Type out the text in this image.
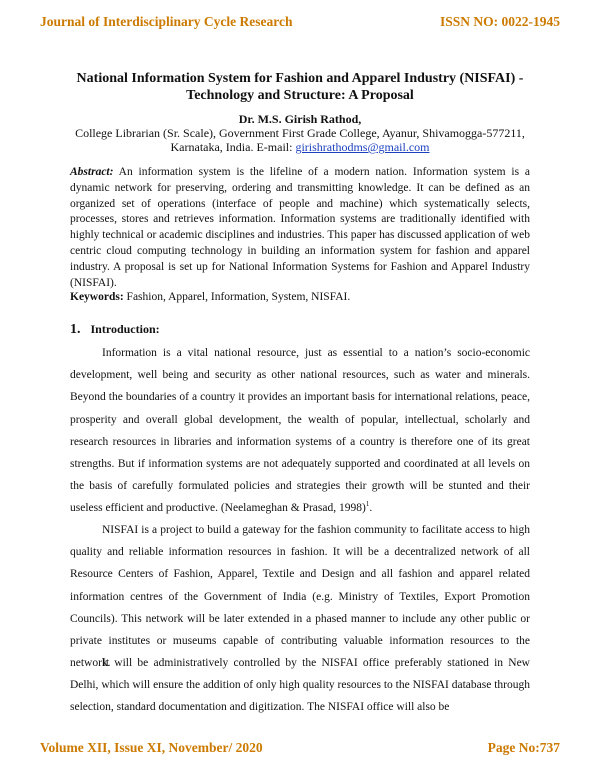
Journal of Interdisciplinary Cycle Research	ISSN NO: 0022-1945
National Information System for Fashion and Apparel Industry (NISFAI) -
Technology and Structure: A Proposal
Dr. M.S. Girish Rathod,
College Librarian (Sr. Scale), Government First Grade College, Ayanur, Shivamogga-577211,
Karnataka, India. E-mail: girishrathodms@gmail.com
Abstract: An information system is the lifeline of a modern nation. Information system is a dynamic network for preserving, ordering and transmitting knowledge. It can be defined as an organized set of operations (interface of people and machine) which systematically selects, processes, stores and retrieves information. Information systems are traditionally identified with highly technical or academic disciplines and industries. This paper has discussed application of web centric cloud computing technology in building an information system for fashion and apparel industry. A proposal is set up for National Information Systems for Fashion and Apparel Industry (NISFAI).
Keywords: Fashion, Apparel, Information, System, NISFAI.
1. Introduction:

Information is a vital national resource, just as essential to a nation’s socio-economic development, well being and security as other national resources, such as water and minerals. Beyond the boundaries of a country it provides an important basis for international relations, peace, prosperity and overall global development, the wealth of popular, intellectual, scholarly and research resources in libraries and information systems of a country is therefore one of its great strengths. But if information systems are not adequately supported and coordinated at all levels on the basis of carefully formulated policies and strategies their growth will be stunted and their useless efficient and productive. (Neelameghan & Prasad, 1998)$^1$.

NISFAI is a project to build a gateway for the fashion community to facilitate access to high quality and reliable information resources in fashion. It will be a decentralized network of all Resource Centers of Fashion, Apparel, Textile and Design and all fashion and apparel related information centres of the Government of India (e.g. Ministry of Textiles, Export Promotion Councils). This network will be later extended in a phased manner to include any other public or private institutes or museums capable of contributing valuable information resources to the network.

It will be administratively controlled by the NISFAI office preferably stationed in New Delhi, which will ensure the addition of only high quality resources to the NISFAI database through selection, standard documentation and digitization. The NISFAI office will also be

Volume XII, Issue XI, November/ 2020	Page No:737
